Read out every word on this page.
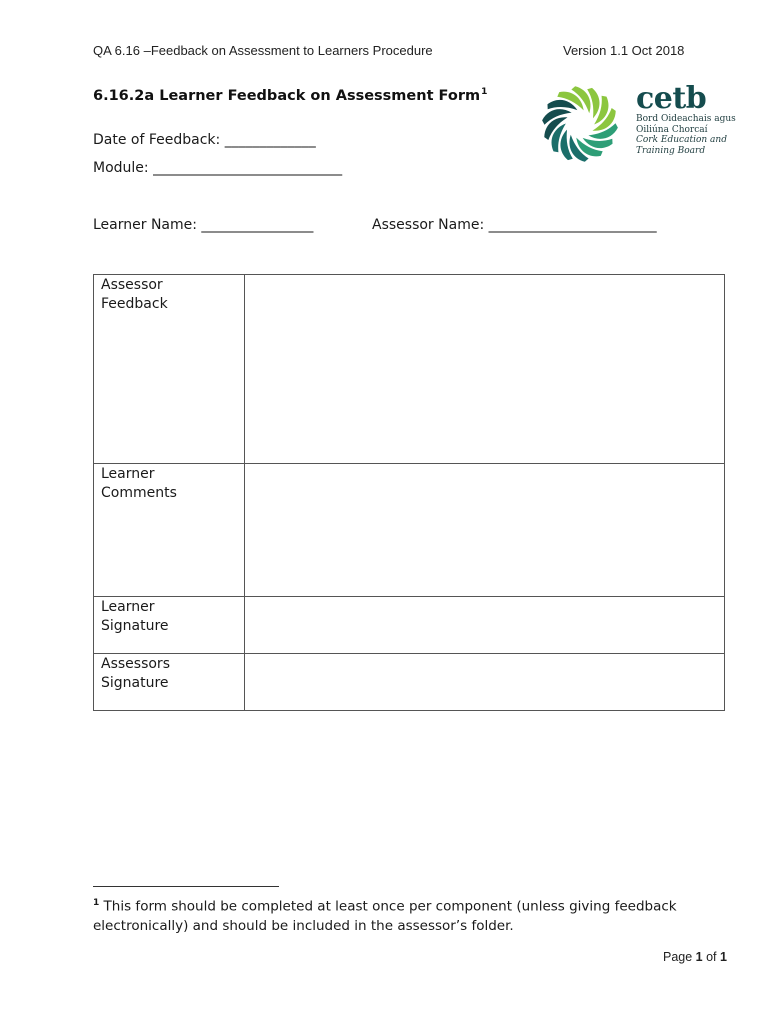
QA 6.16 –Feedback on Assessment to Learners Procedure	Version 1.1 Oct 2018
6.16.2a Learner Feedback on Assessment Form$^1$
Date of Feedback: _____________
Module: ___________________________
Learner Name: ________________	Assessor Name: ________________________
cetb
Bord Oideachais agus
Oiliúna Chorcaí
Cork Education and
Training Board
Assessor
Feedback	

Learner
Comments	

Learner
Signature	

Assessors
Signature	

$^1$ This form should be completed at least once per component (unless giving feedback electronically) and should be included in the assessor’s folder.
Page 1 of 1
